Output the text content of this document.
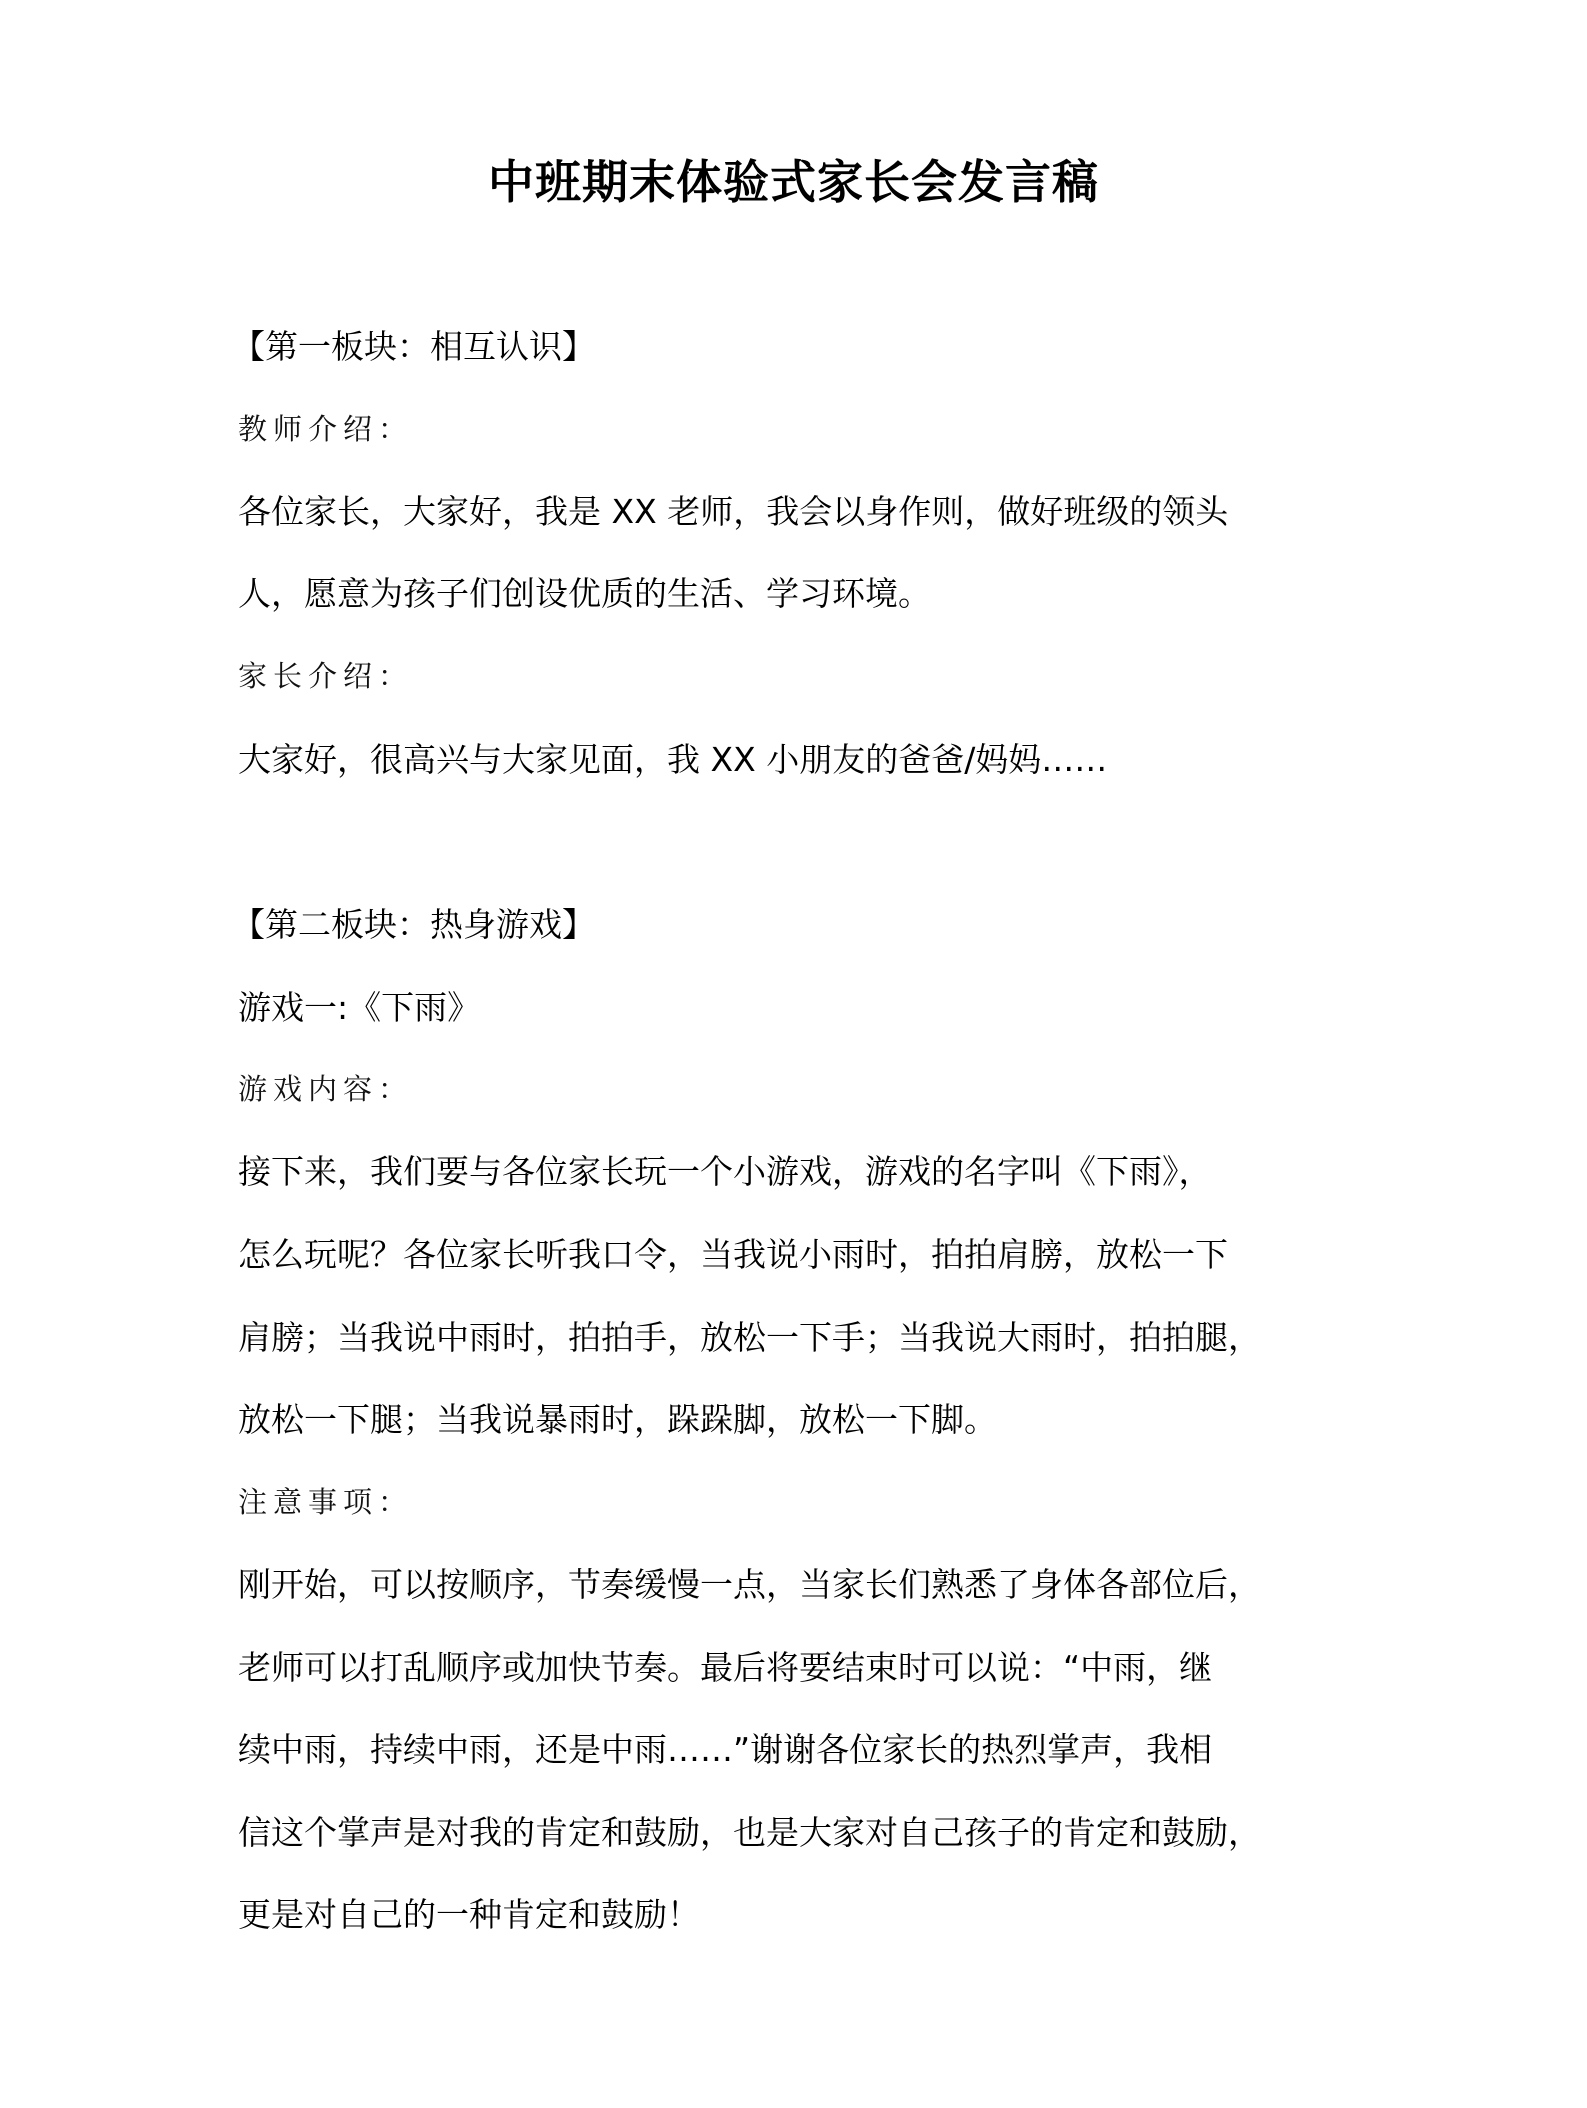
中班期末体验式家长会发言稿
【第一板块：相互认识】
教师介绍：
各位家长，大家好，我是 XX 老师，我会以身作则，做好班级的领头
人，愿意为孩子们创设优质的生活、学习环境。
家长介绍：
大家好，很高兴与大家见面，我 XX 小朋友的爸爸/妈妈……
【第二板块：热身游戏】
游戏一:《下雨》
游戏内容：
接下来，我们要与各位家长玩一个小游戏，游戏的名字叫《下雨》，
怎么玩呢？各位家长听我口令，当我说小雨时，拍拍肩膀，放松一下
肩膀；当我说中雨时，拍拍手，放松一下手；当我说大雨时，拍拍腿，
放松一下腿；当我说暴雨时，跺跺脚，放松一下脚。
注意事项：
刚开始，可以按顺序，节奏缓慢一点，当家长们熟悉了身体各部位后，
老师可以打乱顺序或加快节奏。最后将要结束时可以说：“中雨，继
续中雨，持续中雨，还是中雨……”谢谢各位家长的热烈掌声，我相
信这个掌声是对我的肯定和鼓励，也是大家对自己孩子的肯定和鼓励，
更是对自己的一种肯定和鼓励！
